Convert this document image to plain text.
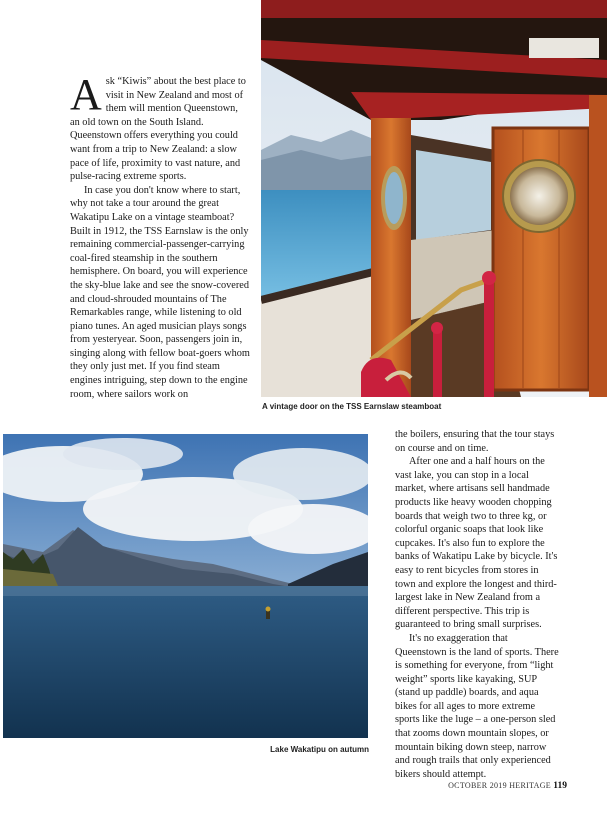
Ask “Kiwis” about the best place to visit in New Zealand and most of them will mention Queenstown, an old town on the South Island. Queenstown offers everything you could want from a trip to New Zealand: a slow pace of life, proximity to vast nature, and pulse-racing extreme sports.

In case you don't know where to start, why not take a tour around the great Wakatipu Lake on a vintage steamboat? Built in 1912, the TSS Earnslaw is the only remaining commercial-passenger-carrying coal-fired steamship in the southern hemisphere. On board, you will experience the sky-blue lake and see the snow-covered and cloud-shrouded mountains of The Remarkables range, while listening to old piano tunes. An aged musician plays songs from yesteryear. Soon, passengers join in, singing along with fellow boat-goers whom they only just met. If you find steam engines intriguing, step down to the engine room, where sailors work on

A vintage door on the TSS Earnslaw steamboat
Lake Wakatipu on autumn

the boilers, ensuring that the tour stays on course and on time.

After one and a half hours on the vast lake, you can stop in a local market, where artisans sell handmade products like heavy wooden chopping boards that weigh two to three kg, or colorful organic soaps that look like cupcakes. It's also fun to explore the banks of Wakatipu Lake by bicycle. It's easy to rent bicycles from stores in town and explore the longest and third-largest lake in New Zealand from a different perspective. This trip is guaranteed to bring small surprises.

It's no exaggeration that Queenstown is the land of sports. There is something for everyone, from “light weight” sports like kayaking, SUP (stand up paddle) boards, and aqua bikes for all ages to more extreme sports like the luge – a one-person sled that zooms down mountain slopes, or mountain biking down steep, narrow and rough trails that only experienced bikers should attempt.

OCTOBER 2019 HERITAGE 119
